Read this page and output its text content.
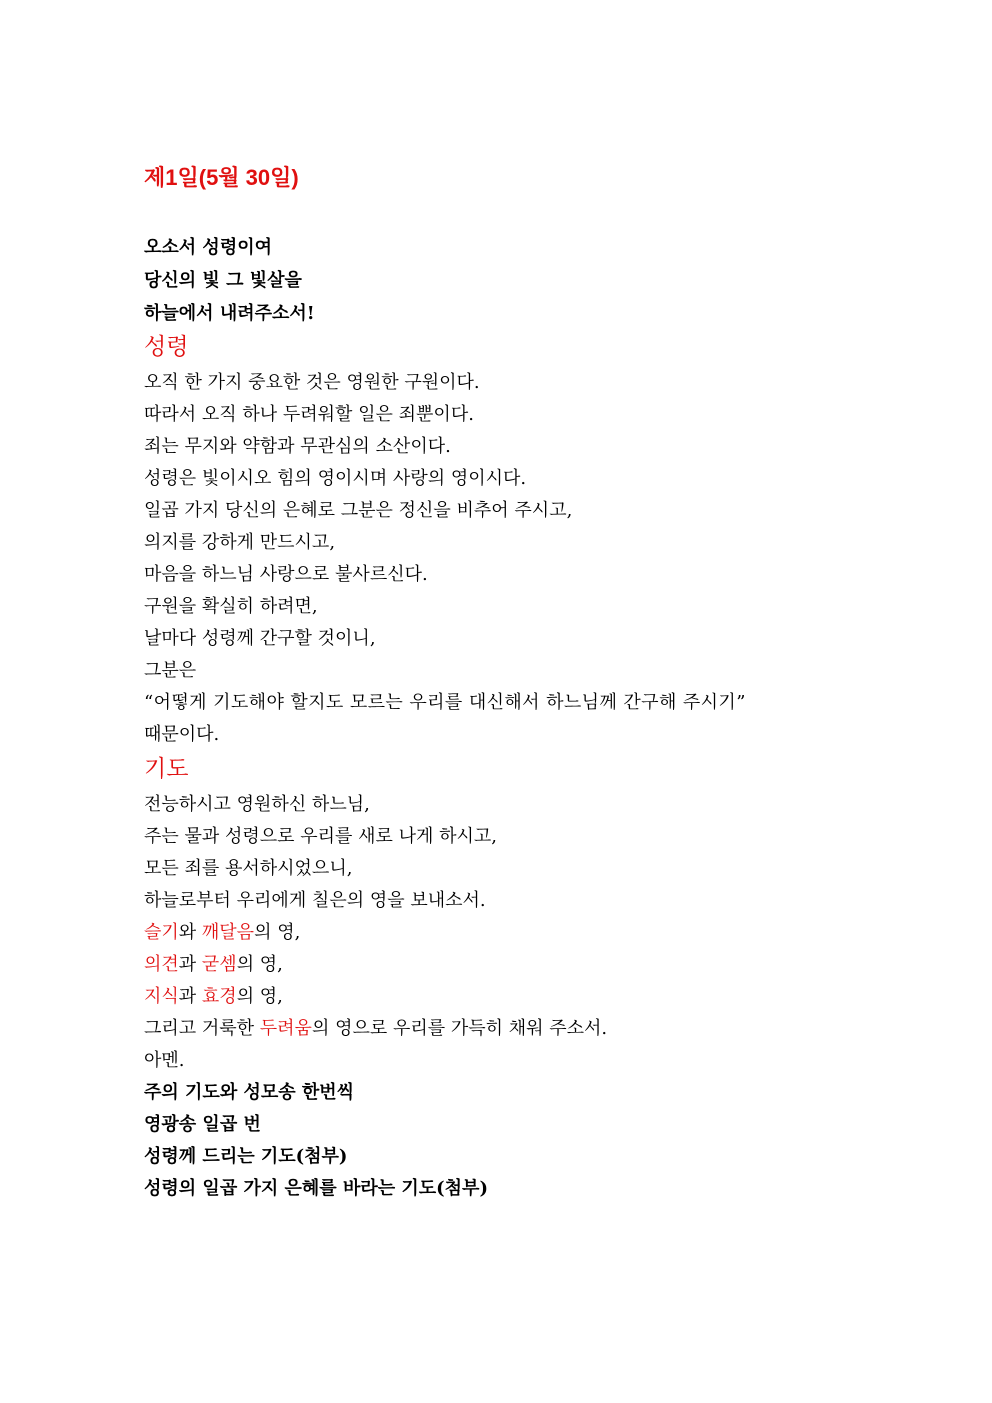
제1일(5월 30일)
오소서 성령이여
당신의 빛 그 빛살을
하늘에서 내려주소서!
성령
오직 한 가지 중요한 것은 영원한 구원이다.
따라서 오직 하나 두려워할 일은 죄뿐이다.
죄는 무지와 약함과 무관심의 소산이다.
성령은 빛이시오 힘의 영이시며 사랑의 영이시다.
일곱 가지 당신의 은혜로 그분은 정신을 비추어 주시고,
의지를 강하게 만드시고,
마음을 하느님 사랑으로 불사르신다.
구원을 확실히 하려면,
날마다 성령께 간구할 것이니,
그분은
“어떻게 기도해야 할지도 모르는 우리를 대신해서 하느님께 간구해 주시기”
때문이다.
기도
전능하시고 영원하신 하느님,
주는 물과 성령으로 우리를 새로 나게 하시고,
모든 죄를 용서하시었으니,
하늘로부터 우리에게 칠은의 영을 보내소서.
슬기와 깨달음의 영,
의견과 굳셈의 영,
지식과 효경의 영,
그리고 거룩한 두려움의 영으로 우리를 가득히 채워 주소서.
아멘.
주의 기도와 성모송 한번씩
영광송 일곱 번
성령께 드리는 기도(첨부)
성령의 일곱 가지 은혜를 바라는 기도(첨부)
